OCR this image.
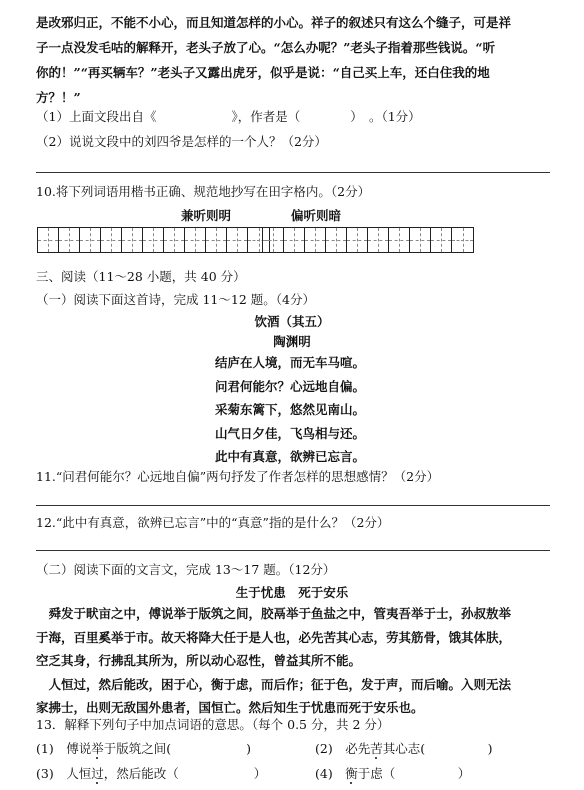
是改邪归正，不能不小心，而且知道怎样的小心。祥子的叙述只有这么个缝子，可是祥
子一点没发毛咕的解释开，老头子放了心。“怎么办呢？”老头子指着那些钱说。“听
你的！”“再买辆车？”老头子又露出虎牙，似乎是说：“自己买上车，还白住我的地
方？！”
（1）上面文段出自《　　　　　　》，作者是（　　　　）　。（1分）
（2）说说文段中的刘四爷是怎样的一个人？（2分）
10.将下列词语用楷书正确、规范地抄写在田字格内。（2分）
兼听则明	偏听则暗
三、阅读（11～28 小题，共 40 分）
（一）阅读下面这首诗，完成 11～12 题。（4分）
饮酒（其五）
陶渊明
结庐在人境，而无车马喧。
问君何能尔？心远地自偏。
采菊东篱下，悠然见南山。
山气日夕佳，飞鸟相与还。
此中有真意，欲辨已忘言。
11.“问君何能尔？心远地自偏”两句抒发了作者怎样的思想感情？（2分）
12.“此中有真意，欲辨已忘言”中的“真意”指的是什么？（2分）
（二）阅读下面的文言文，完成 13～17 题。（12分）
生于忧患　死于安乐
　舜发于畎亩之中，傅说举于版筑之间，胶鬲举于鱼盐之中，管夷吾举于士，孙叔敖举
于海，百里奚举于市。故天将降大任于是人也，必先苦其心志，劳其筋骨，饿其体肤，
空乏其身，行拂乱其所为，所以动心忍性，曾益其所不能。
　人恒过，然后能改，困于心，衡于虑，而后作；征于色，发于声，而后喻。入则无法
家拂士，出则无敌国外患者，国恒亡。然后知生于忧患而死于安乐也。
13．解释下列句子中加点词语的意思。（每个 0.5 分，共 2 分）
(1)　傅说举于版筑之间(　　　　　　)	(2)　必先苦其心志(　　　　　)
(3)　人恒过，然后能改（　　　　　　）	(4)　衡于虑（　　　　　）
